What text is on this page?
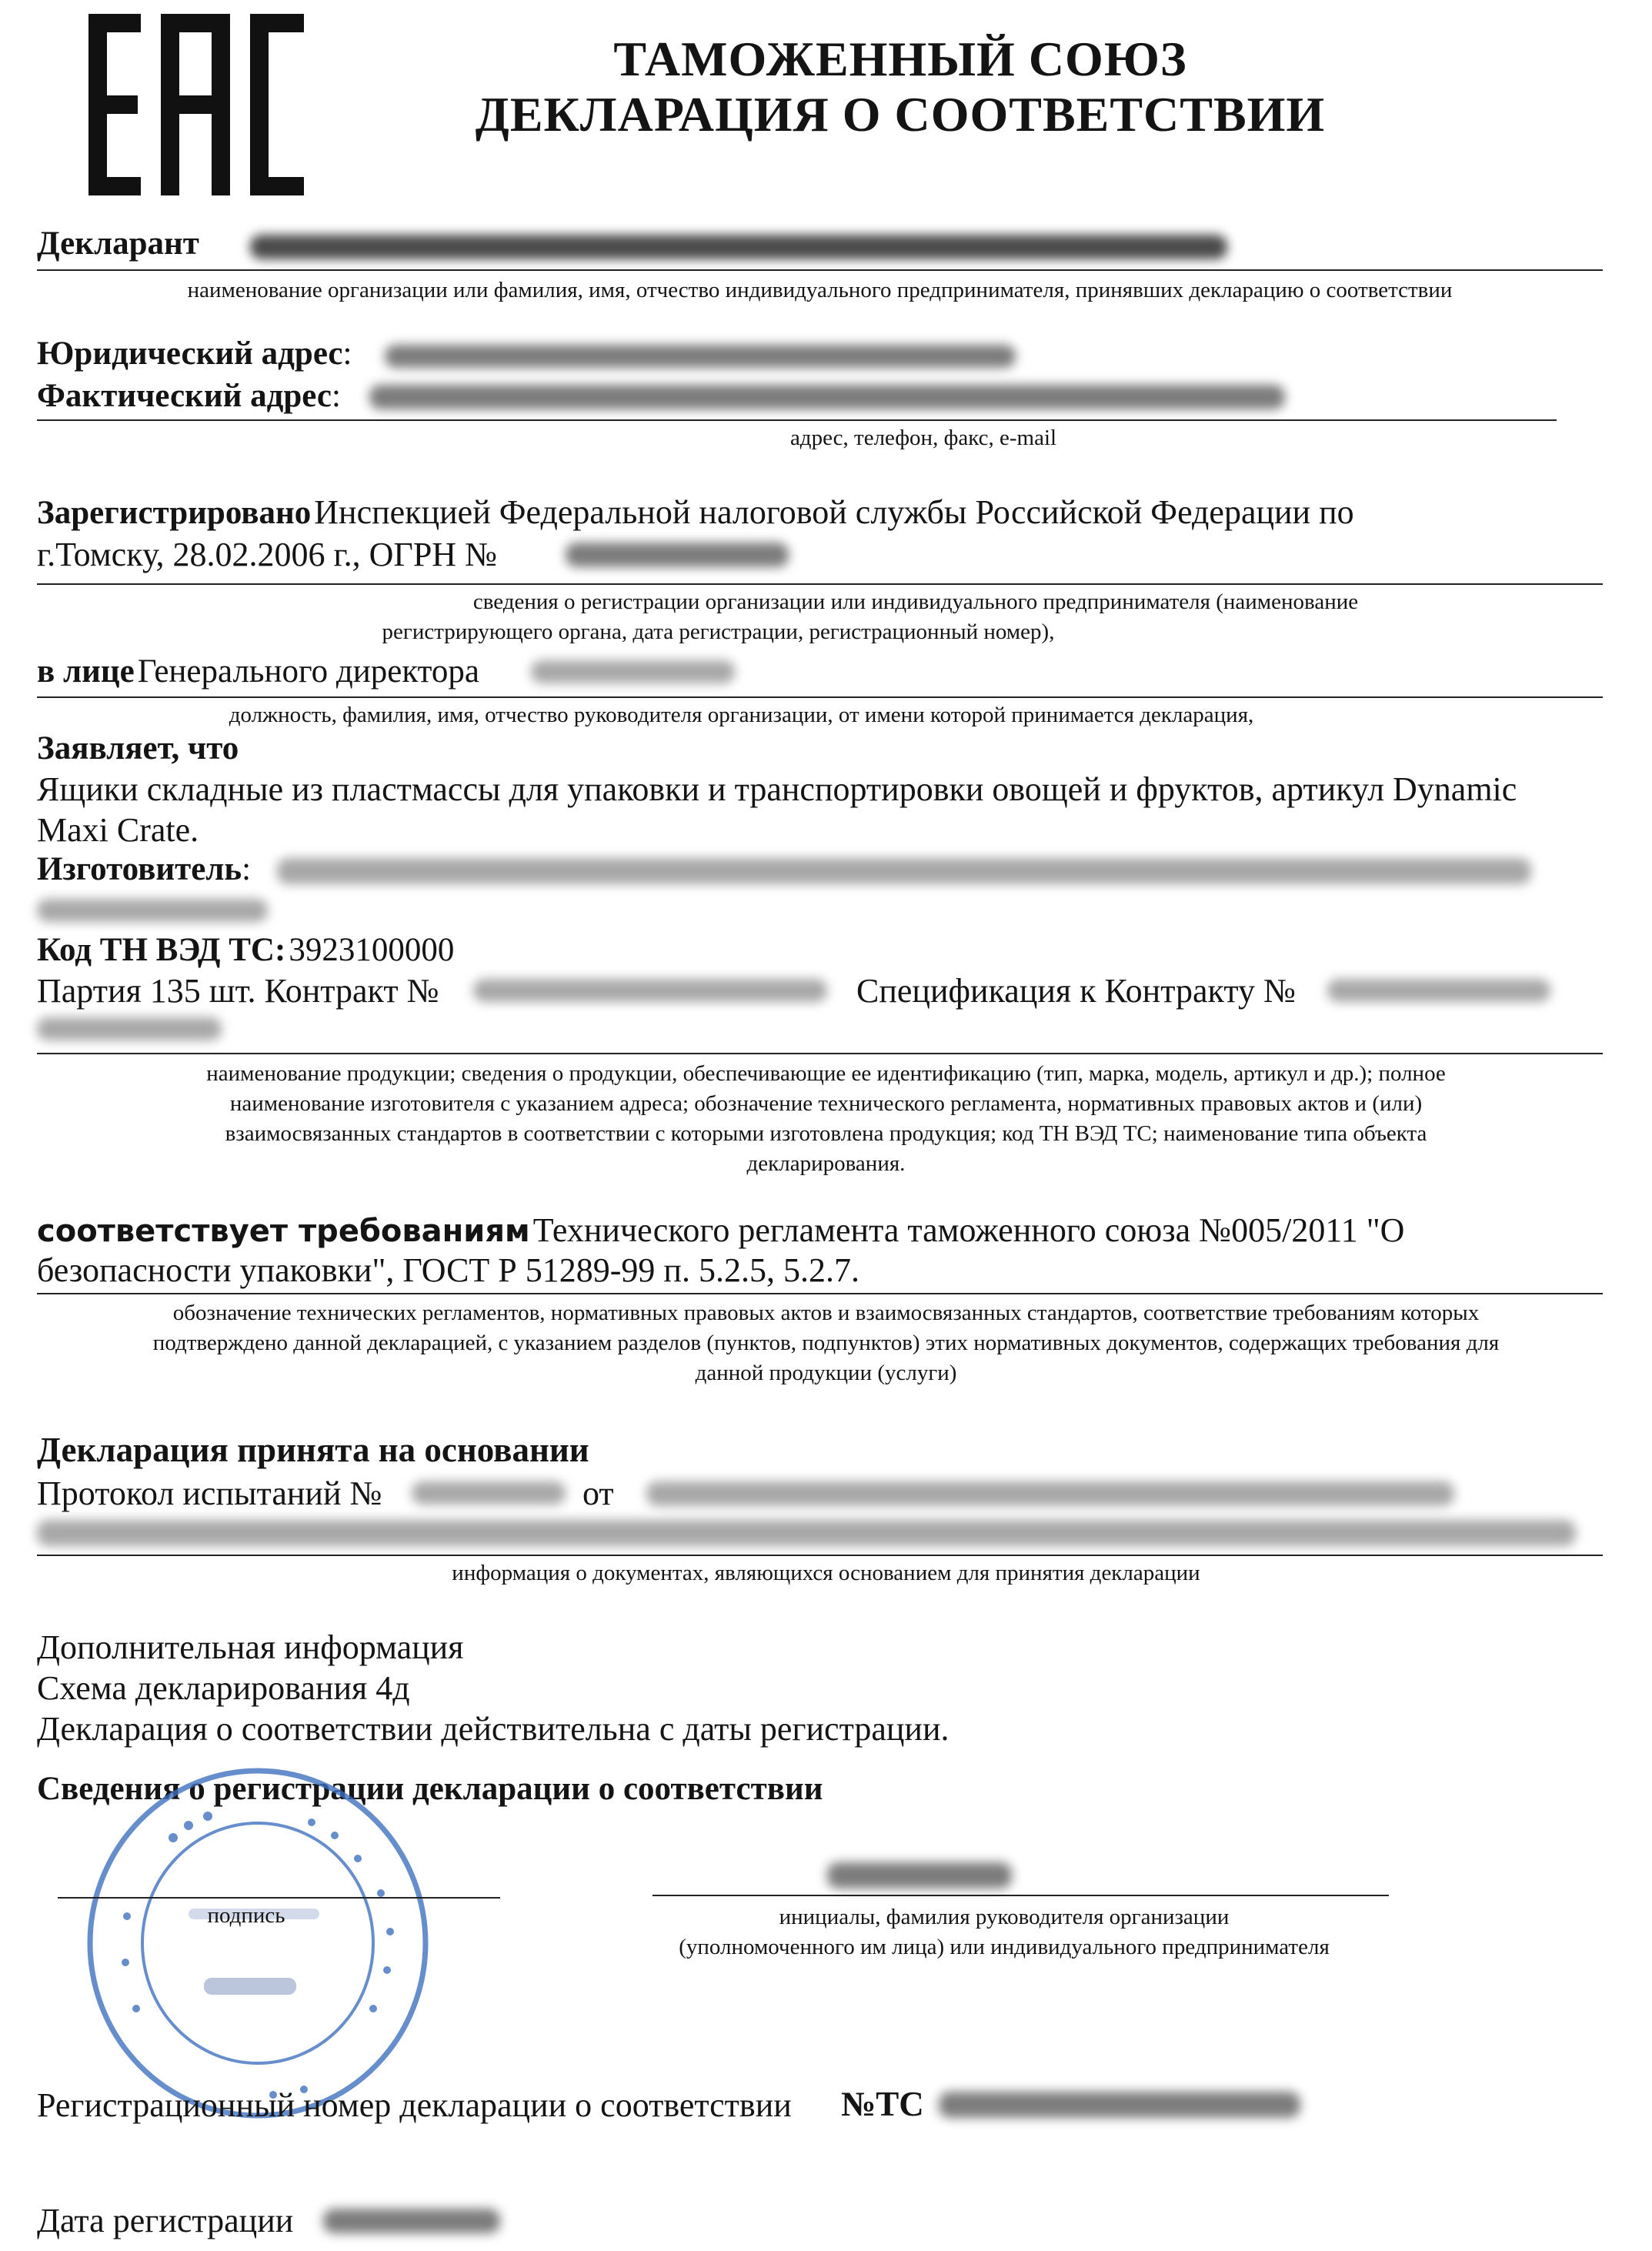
ТАМОЖЕННЫЙ СОЮЗ
ДЕКЛАРАЦИЯ О СООТВЕТСТВИИ
Декларант
наименование организации или фамилия, имя, отчество индивидуального предпринимателя, принявших декларацию о соответствии
Юридический адрес:
Фактический адрес:
адрес, телефон, факс, e-mail
Зарегистрировано Инспекцией Федеральной налоговой службы Российской Федерации по
г.Томску, 28.02.2006 г., ОГРН №
сведения о регистрации организации или индивидуального предпринимателя (наименование
регистрирующего органа, дата регистрации, регистрационный номер),
в лице Генерального директора
должность, фамилия, имя, отчество руководителя организации, от имени которой принимается декларация,
Заявляет, что
Ящики складные из пластмассы для упаковки и транспортировки овощей и фруктов, артикул Dynamic
Maxi Crate.
Изготовитель:
Код ТН ВЭД ТС: 3923100000
Партия 135 шт. Контракт №	Спецификация к Контракту №
наименование продукции; сведения о продукции, обеспечивающие ее идентификацию (тип, марка, модель, артикул и др.); полное
наименование изготовителя с указанием адреса; обозначение технического регламента, нормативных правовых актов и (или)
взаимосвязанных стандартов в соответствии с которыми изготовлена продукция; код ТН ВЭД ТС; наименование типа объекта
декларирования.
соответствует требованиям Технического регламента таможенного союза №005/2011 "О
безопасности упаковки", ГОСТ Р 51289-99 п. 5.2.5, 5.2.7.
обозначение технических регламентов, нормативных правовых актов и взаимосвязанных стандартов, соответствие требованиям которых
подтверждено данной декларацией, с указанием разделов (пунктов, подпунктов) этих нормативных документов, содержащих требования для
данной продукции (услуги)
Декларация принята на основании
Протокол испытаний №	от
информация о документах, являющихся основанием для принятия декларации
Дополнительная информация
Схема декларирования 4д
Декларация о соответствии действительна с даты регистрации.
Сведения о регистрации декларации о соответствии
подпись	инициалы, фамилия руководителя организации
(уполномоченного им лица) или индивидуального предпринимателя
Регистрационный номер декларации о соответствии №ТС
Дата регистрации
